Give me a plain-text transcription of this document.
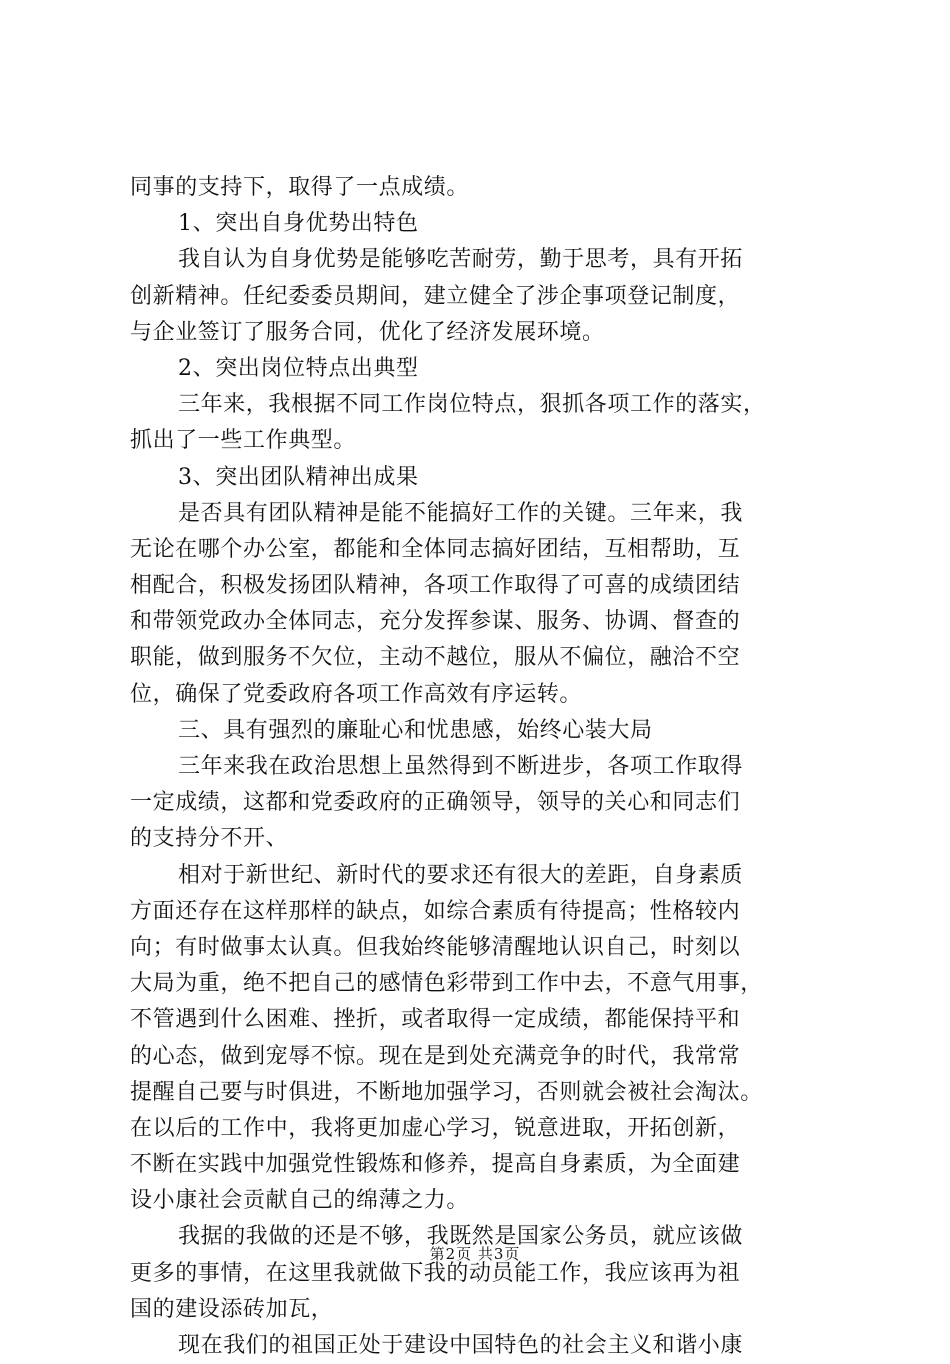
同事的支持下，取得了一点成绩。
1、突出自身优势出特色
我自认为自身优势是能够吃苦耐劳，勤于思考，具有开拓
创新精神。任纪委委员期间，建立健全了涉企事项登记制度，
与企业签订了服务合同，优化了经济发展环境。
2、突出岗位特点出典型
三年来，我根据不同工作岗位特点，狠抓各项工作的落实，
抓出了一些工作典型。
3、突出团队精神出成果
是否具有团队精神是能不能搞好工作的关键。三年来，我
无论在哪个办公室，都能和全体同志搞好团结，互相帮助，互
相配合，积极发扬团队精神，各项工作取得了可喜的成绩团结
和带领党政办全体同志，充分发挥参谋、服务、协调、督查的
职能，做到服务不欠位，主动不越位，服从不偏位，融洽不空
位，确保了党委政府各项工作高效有序运转。
三、具有强烈的廉耻心和忧患感，始终心装大局
三年来我在政治思想上虽然得到不断进步，各项工作取得
一定成绩，这都和党委政府的正确领导，领导的关心和同志们
的支持分不开、
相对于新世纪、新时代的要求还有很大的差距，自身素质
方面还存在这样那样的缺点，如综合素质有待提高；性格较内
向；有时做事太认真。但我始终能够清醒地认识自己，时刻以
大局为重，绝不把自己的感情色彩带到工作中去，不意气用事，
不管遇到什么困难、挫折，或者取得一定成绩，都能保持平和
的心态，做到宠辱不惊。现在是到处充满竞争的时代，我常常
提醒自己要与时俱进，不断地加强学习，否则就会被社会淘汰。
在以后的工作中，我将更加虚心学习，锐意进取，开拓创新，
不断在实践中加强党性锻炼和修养，提高自身素质，为全面建
设小康社会贡献自己的绵薄之力。
我据的我做的还是不够，我既然是国家公务员，就应该做
更多的事情，在这里我就做下我的动员能工作，我应该再为祖
国的建设添砖加瓦，
现在我们的祖国正处于建设中国特色的社会主义和谐小康
第2页 共3页
